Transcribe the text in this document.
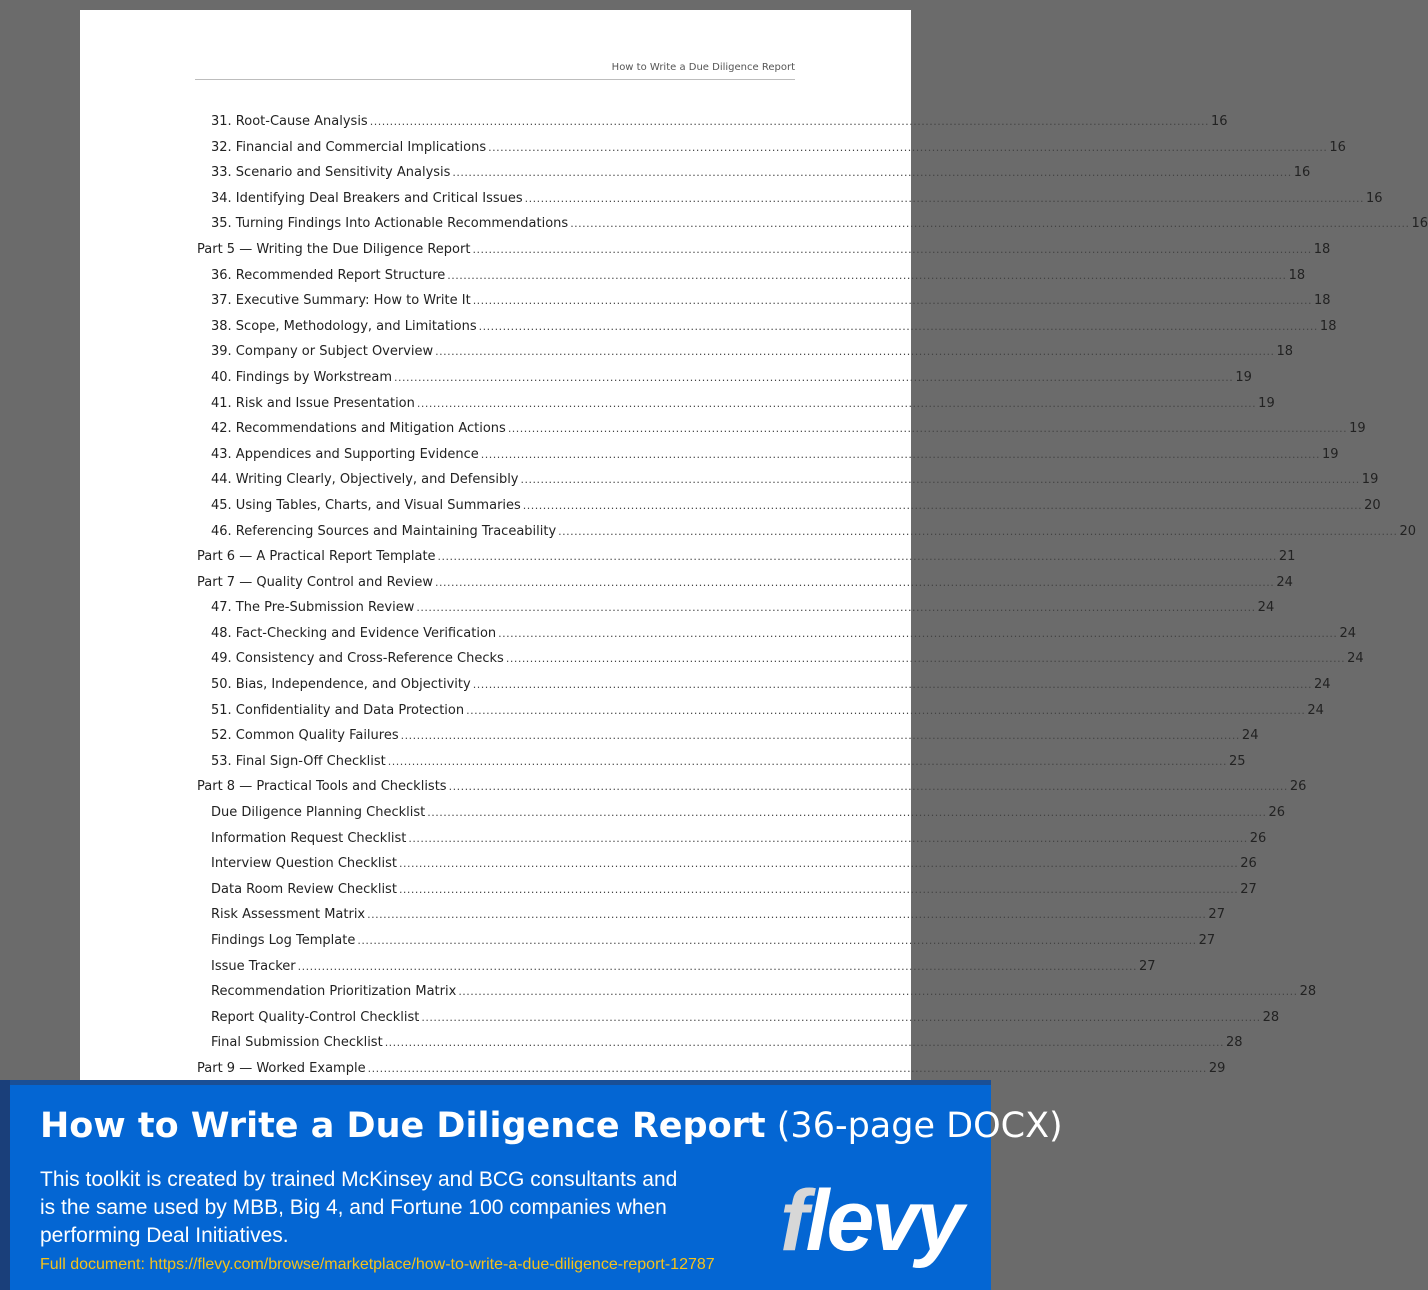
How to Write a Due Diligence Report
31. Root-Cause Analysis .....	16
32. Financial and Commercial Implications .....	16
33. Scenario and Sensitivity Analysis .....	16
34. Identifying Deal Breakers and Critical Issues .....	16
35. Turning Findings Into Actionable Recommendations .....	16
Part 5 — Writing the Due Diligence Report .....	18
36. Recommended Report Structure .....	18
37. Executive Summary: How to Write It .....	18
38. Scope, Methodology, and Limitations .....	18
39. Company or Subject Overview .....	18
40. Findings by Workstream .....	19
41. Risk and Issue Presentation .....	19
42. Recommendations and Mitigation Actions .....	19
43. Appendices and Supporting Evidence .....	19
44. Writing Clearly, Objectively, and Defensibly .....	19
45. Using Tables, Charts, and Visual Summaries .....	20
46. Referencing Sources and Maintaining Traceability .....	20
Part 6 — A Practical Report Template .....	21
Part 7 — Quality Control and Review .....	24
47. The Pre-Submission Review .....	24
48. Fact-Checking and Evidence Verification .....	24
49. Consistency and Cross-Reference Checks .....	24
50. Bias, Independence, and Objectivity .....	24
51. Confidentiality and Data Protection .....	24
52. Common Quality Failures .....	24
53. Final Sign-Off Checklist .....	25
Part 8 — Practical Tools and Checklists .....	26
Due Diligence Planning Checklist .....	26
Information Request Checklist .....	26
Interview Question Checklist .....	26
Data Room Review Checklist .....	27
Risk Assessment Matrix .....	27
Findings Log Template .....	27
Issue Tracker .....	27
Recommendation Prioritization Matrix .....	28
Report Quality-Control Checklist .....	28
Final Submission Checklist .....	28
Part 9 — Worked Example .....	29
How to Write a Due Diligence Report (36-page DOCX)
This toolkit is created by trained McKinsey and BCG consultants and is the same used by MBB, Big 4, and Fortune 100 companies when performing Deal Initiatives.
Full document: https://flevy.com/browse/marketplace/how-to-write-a-due-diligence-report-12787 flevy
